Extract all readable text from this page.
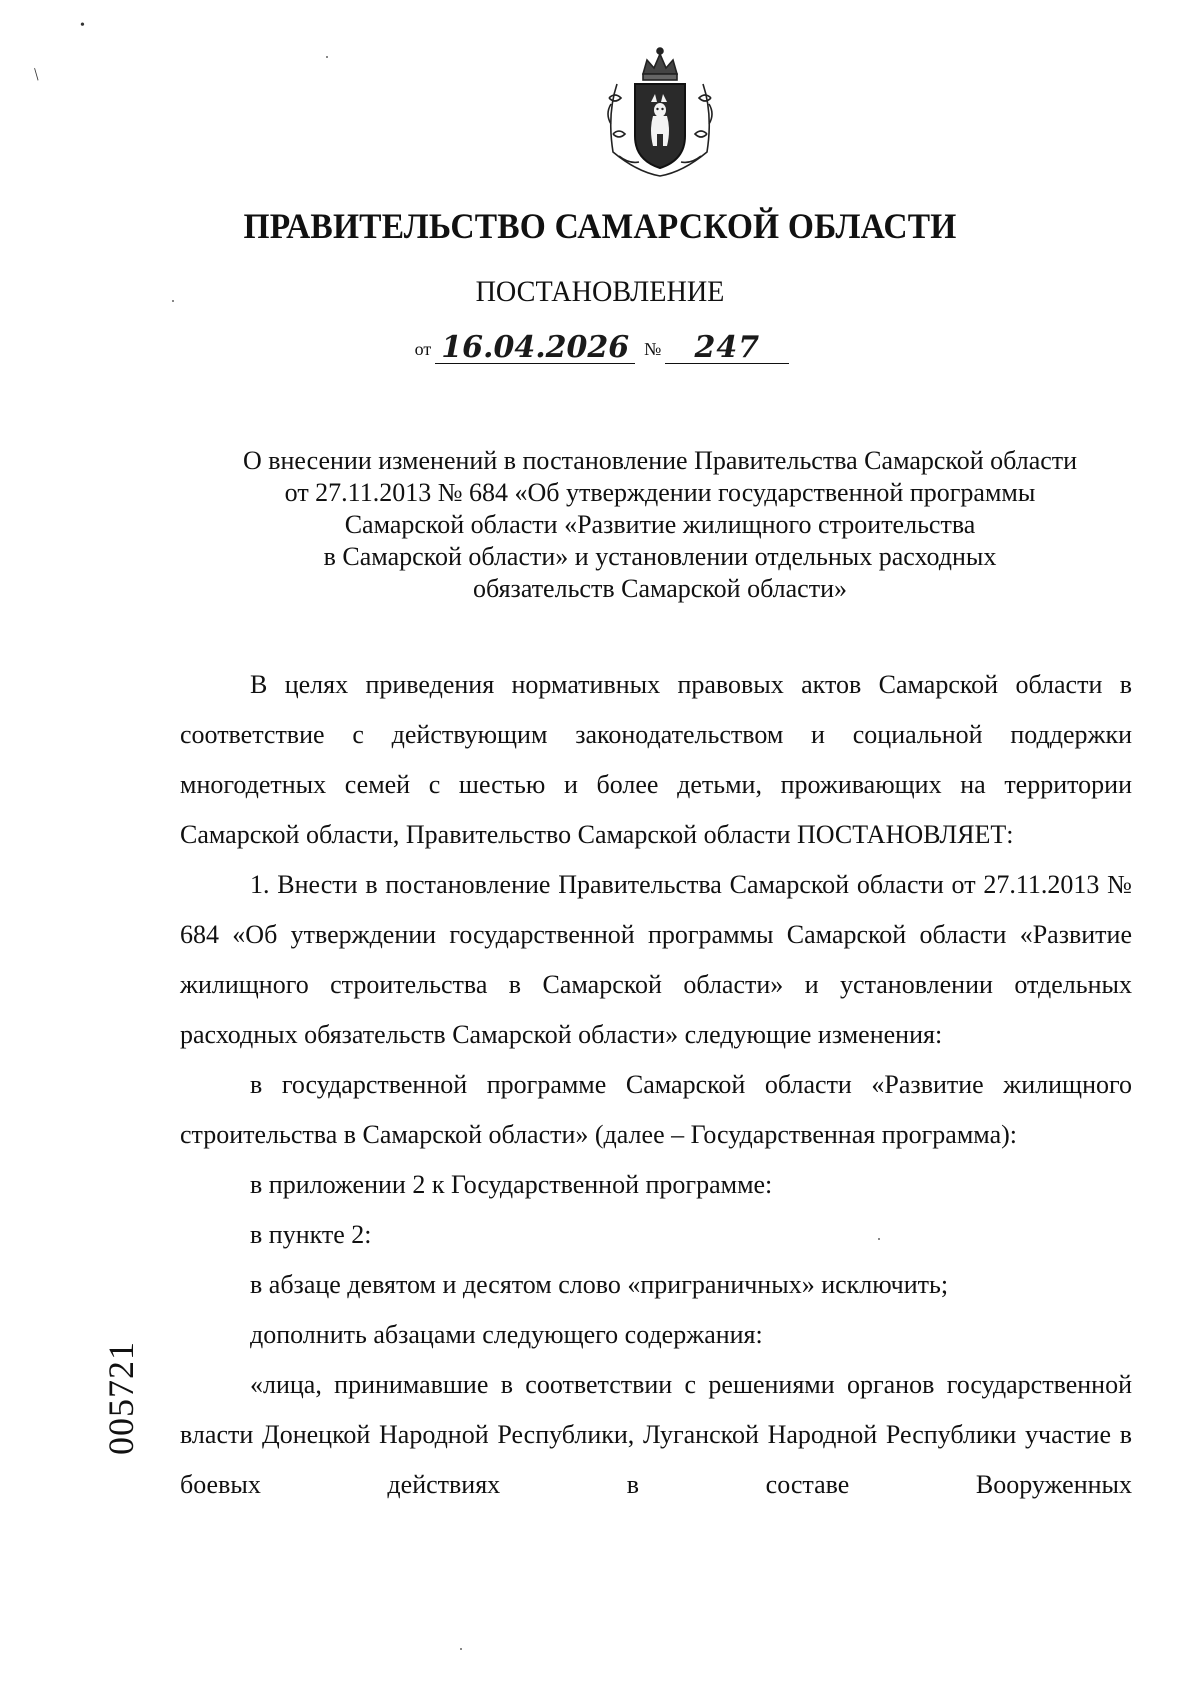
•
/
ПРАВИТЕЛЬСТВО САМАРСКОЙ ОБЛАСТИ
ПОСТАНОВЛЕНИЕ
от 16.04.2026 № 247
О внесении изменений в постановление Правительства Самарской области
от 27.11.2013 № 684 «Об утверждении государственной программы
Самарской области «Развитие жилищного строительства
в Самарской области» и установлении отдельных расходных
обязательств Самарской области»

В целях приведения нормативных правовых актов Самарской области в соответствие с действующим законодательством и социальной поддержки многодетных семей с шестью и более детьми, проживающих на территории Самарской области, Правительство Самарской области ПОСТАНОВЛЯЕТ:

1. Внести в постановление Правительства Самарской области от 27.11.2013 № 684 «Об утверждении государственной программы Самарской области «Развитие жилищного строительства в Самарской области» и установлении отдельных расходных обязательств Самарской области» следующие изменения:

в государственной программе Самарской области «Развитие жилищного строительства в Самарской области» (далее – Государственная программа):

в приложении 2 к Государственной программе:

в пункте 2:

в абзаце девятом и десятом слово «приграничных» исключить;

дополнить абзацами следующего содержания:

«лица, принимавшие в соответствии с решениями органов государственной власти Донецкой Народной Республики, Луганской Народной Республики участие в боевых действиях в составе Вооруженных

005721
